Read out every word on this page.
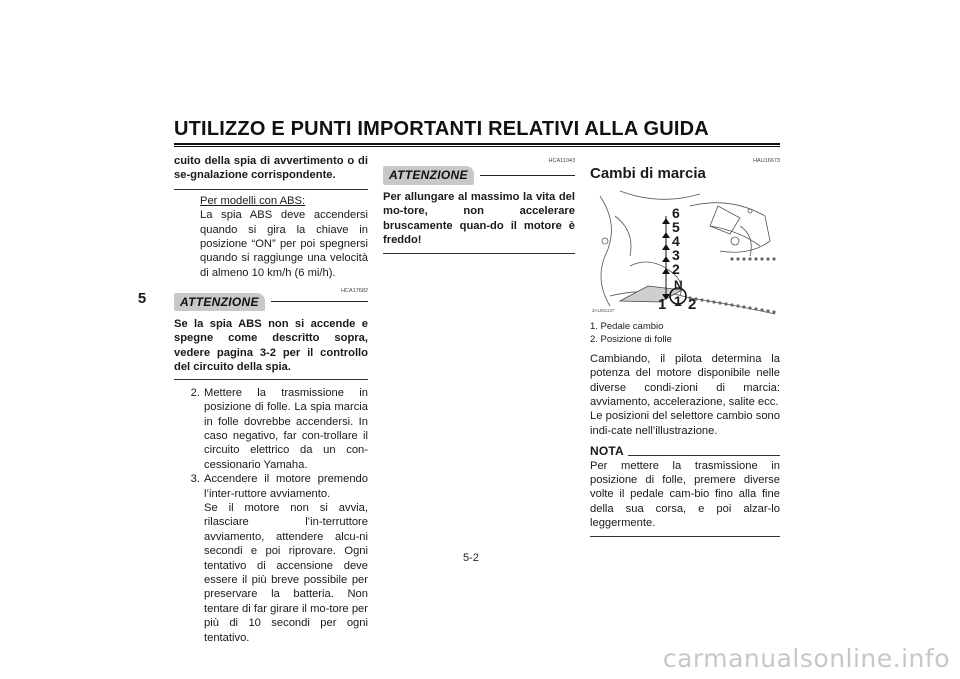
UTILIZZO E PUNTI IMPORTANTI RELATIVI ALLA GUIDA
5
cuito della spia di avvertimento o di se-gnalazione corrispondente.
Per modelli con ABS:
La spia ABS deve accendersi quando si gira la chiave in posizione “ON” per poi spegnersi quando si raggiunge una velocità di almeno 10 km/h (6 mi/h).
HCA17682
ATTENZIONE
Se la spia ABS non si accende e spegne come descritto sopra, vedere pagina 3-2 per il controllo del circuito della spia.
2. Mettere la trasmissione in posizione di folle. La spia marcia in folle dovrebbe accendersi. In caso negativo, far con-trollare il circuito elettrico da un con-cessionario Yamaha.
3. Accendere il motore premendo l’inter-ruttore avviamento.
Se il motore non si avvia, rilasciare l’in-terruttore avviamento, attendere alcu-ni secondi e poi riprovare. Ogni tentativo di accensione deve essere il più breve possibile per preservare la batteria. Non tentare di far girare il mo-tore per più di 10 secondi per ogni tentativo.
HCA11043
ATTENZIONE
Per allungare al massimo la vita del mo-tore, non accelerare bruscamente quan-do il motore è freddo!
HAU16673
Cambi di marcia
6
5
4
3
2
N
1
1 2
ZAUM1137
1. Pedale cambio
2. Posizione di folle
Cambiando, il pilota determina la potenza del motore disponibile nelle diverse condi-zioni di marcia: avviamento, accelerazione, salite ecc.
Le posizioni del selettore cambio sono indi-cate nell’illustrazione.
NOTA
Per mettere la trasmissione in posizione di folle, premere diverse volte il pedale cam-bio fino alla fine della sua corsa, e poi alzar-lo leggermente.
5-2
carmanualsonline.info
